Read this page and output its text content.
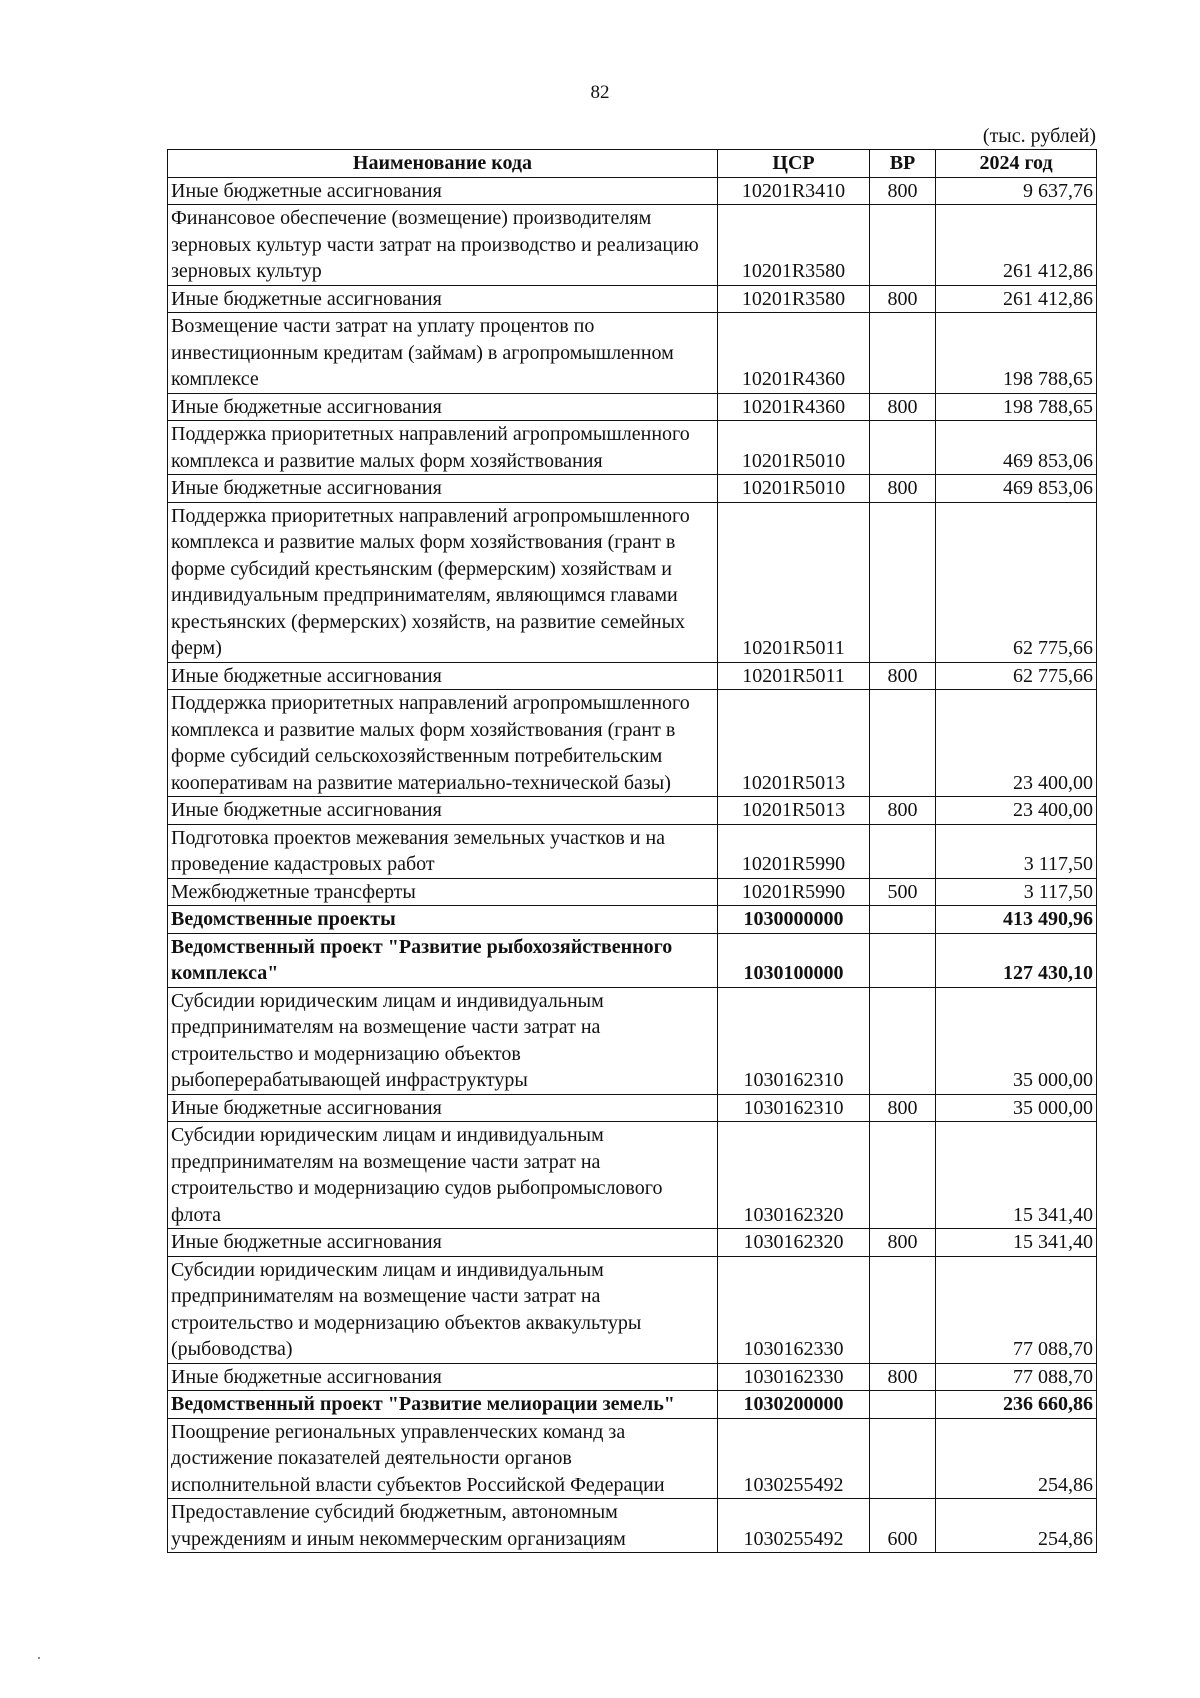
82
(тыс. рублей)
Наименование кода	ЦСР	ВР	2024 год
Иные бюджетные ассигнования	10201R3410	800	9 637,76
Финансовое обеспечение (возмещение) производителям зерновых культур части затрат на производство и реализацию зерновых культур	10201R3580		261 412,86
Иные бюджетные ассигнования	10201R3580	800	261 412,86
Возмещение части затрат на уплату процентов по инвестиционным кредитам (займам) в агропромышленном комплексе	10201R4360		198 788,65
Иные бюджетные ассигнования	10201R4360	800	198 788,65
Поддержка приоритетных направлений агропромышленного комплекса и развитие малых форм хозяйствования	10201R5010		469 853,06
Иные бюджетные ассигнования	10201R5010	800	469 853,06
Поддержка приоритетных направлений агропромышленного комплекса и развитие малых форм хозяйствования (грант в форме субсидий крестьянским (фермерским) хозяйствам и индивидуальным предпринимателям, являющимся главами крестьянских (фермерских) хозяйств, на развитие семейных ферм)	10201R5011		62 775,66
Иные бюджетные ассигнования	10201R5011	800	62 775,66
Поддержка приоритетных направлений агропромышленного комплекса и развитие малых форм хозяйствования (грант в форме субсидий сельскохозяйственным потребительским кооперативам на развитие материально-технической базы)	10201R5013		23 400,00
Иные бюджетные ассигнования	10201R5013	800	23 400,00
Подготовка проектов межевания земельных участков и на проведение кадастровых работ	10201R5990		3 117,50
Межбюджетные трансферты	10201R5990	500	3 117,50
Ведомственные проекты	1030000000		413 490,96
Ведомственный проект "Развитие рыбохозяйственного комплекса"	1030100000		127 430,10
Субсидии юридическим лицам и индивидуальным предпринимателям на возмещение части затрат на строительство и модернизацию объектов рыбоперерабатывающей инфраструктуры	1030162310		35 000,00
Иные бюджетные ассигнования	1030162310	800	35 000,00
Субсидии юридическим лицам и индивидуальным предпринимателям на возмещение части затрат на строительство и модернизацию судов рыбопромыслового флота	1030162320		15 341,40
Иные бюджетные ассигнования	1030162320	800	15 341,40
Субсидии юридическим лицам и индивидуальным предпринимателям на возмещение части затрат на строительство и модернизацию объектов аквакультуры (рыбоводства)	1030162330		77 088,70
Иные бюджетные ассигнования	1030162330	800	77 088,70
Ведомственный проект "Развитие мелиорации земель"	1030200000		236 660,86
Поощрение региональных управленческих команд за достижение показателей деятельности органов исполнительной власти субъектов Российской Федерации	1030255492		254,86
Предоставление субсидий бюджетным, автономным учреждениям и иным некоммерческим организациям	1030255492	600	254,86
